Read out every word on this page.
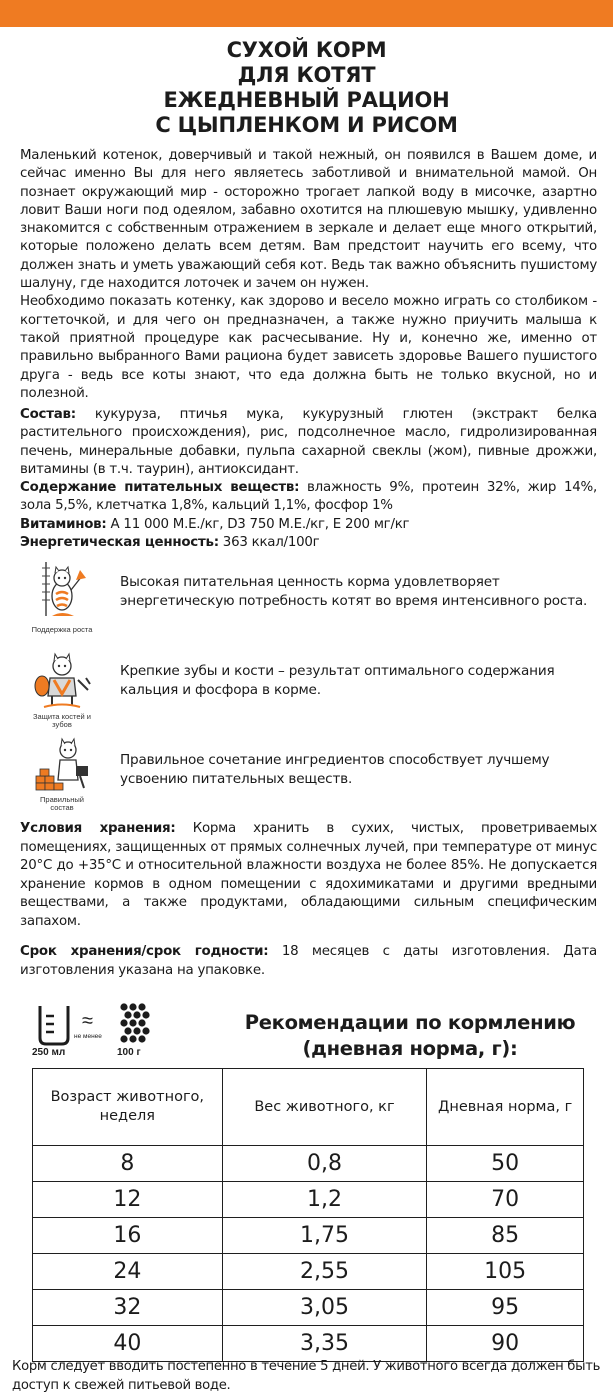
СУХОЙ КОРМ
ДЛЯ КОТЯТ
ЕЖЕДНЕВНЫЙ РАЦИОН
С ЦЫПЛЕНКОМ И РИСОМ

Маленький котенок, доверчивый и такой нежный, он появился в Вашем доме, и сейчас именно Вы для него являетесь заботливой и внимательной мамой. Он познает окружающий мир - осторожно трогает лапкой воду в мисочке, азартно ловит Ваши ноги под одеялом, забавно охотится на плюшевую мышку, удивленно знакомится с собственным отражением в зеркале и делает еще много открытий, которые положено делать всем детям. Вам предстоит научить его всему, что должен знать и уметь уважающий себя кот. Ведь так важно объяснить пушистому шалуну, где находится лоточек и зачем он нужен.

Необходимо показать котенку, как здорово и весело можно играть со столбиком - когтеточкой, и для чего он предназначен, а также нужно приучить малыша к такой приятной процедуре как расчесывание. Ну и, конечно же, именно от правильно выбранного Вами рациона будет зависеть здоровье Вашего пушистого друга - ведь все коты знают, что еда должна быть не только вкусной, но и полезной.

Состав: кукуруза, птичья мука, кукурузный глютен (экстракт белка растительного происхождения), рис, подсолнечное масло, гидролизированная печень, минеральные добавки, пульпа сахарной свеклы (жом), пивные дрожжи, витамины (в т.ч. таурин), антиоксидант.

Содержание питательных веществ: влажность 9%, протеин 32%, жир 14%, зола 5,5%, клетчатка 1,8%, кальций 1,1%, фосфор 1%

Витаминов: А 11 000 М.Е./кг, D3 750 М.Е./кг, Е 200 мг/кг

Энергетическая ценность: 363 ккал/100г

Поддержка роста
Высокая питательная ценность корма удовлетворяет энергетическую потребность котят во время интенсивного роста.
Защита костей и зубов
Крепкие зубы и кости – результат оптимального содержания кальция и фосфора в корме.
Правильный состав
Правильное сочетание ингредиентов способствует лучшему усвоению питательных веществ.

Условия хранения: Корма хранить в сухих, чистых, проветриваемых помещениях, защищенных от прямых солнечных лучей, при температуре от минус 20°С до +35°С и относительной влажности воздуха не более 85%. Не допускается хранение кормов в одном помещении с ядохимикатами и другими вредными веществами, а также продуктами, обладающими сильным специфическим запахом.

Срок хранения/срок годности: 18 месяцев с даты изготовления. Дата изготовления указана на упаковке.

250 мл
≈
не менее
100 г
Рекомендации по кормлению
(дневная норма, г):
Возраст животного, неделя	Вес животного, кг	Дневная норма, г
8	0,8	50
12	1,2	70
16	1,75	85
24	2,55	105
32	3,05	95
40	3,35	90
Корм следует вводить постепенно в течение 5 дней. У животного всегда должен быть доступ к свежей питьевой воде.
